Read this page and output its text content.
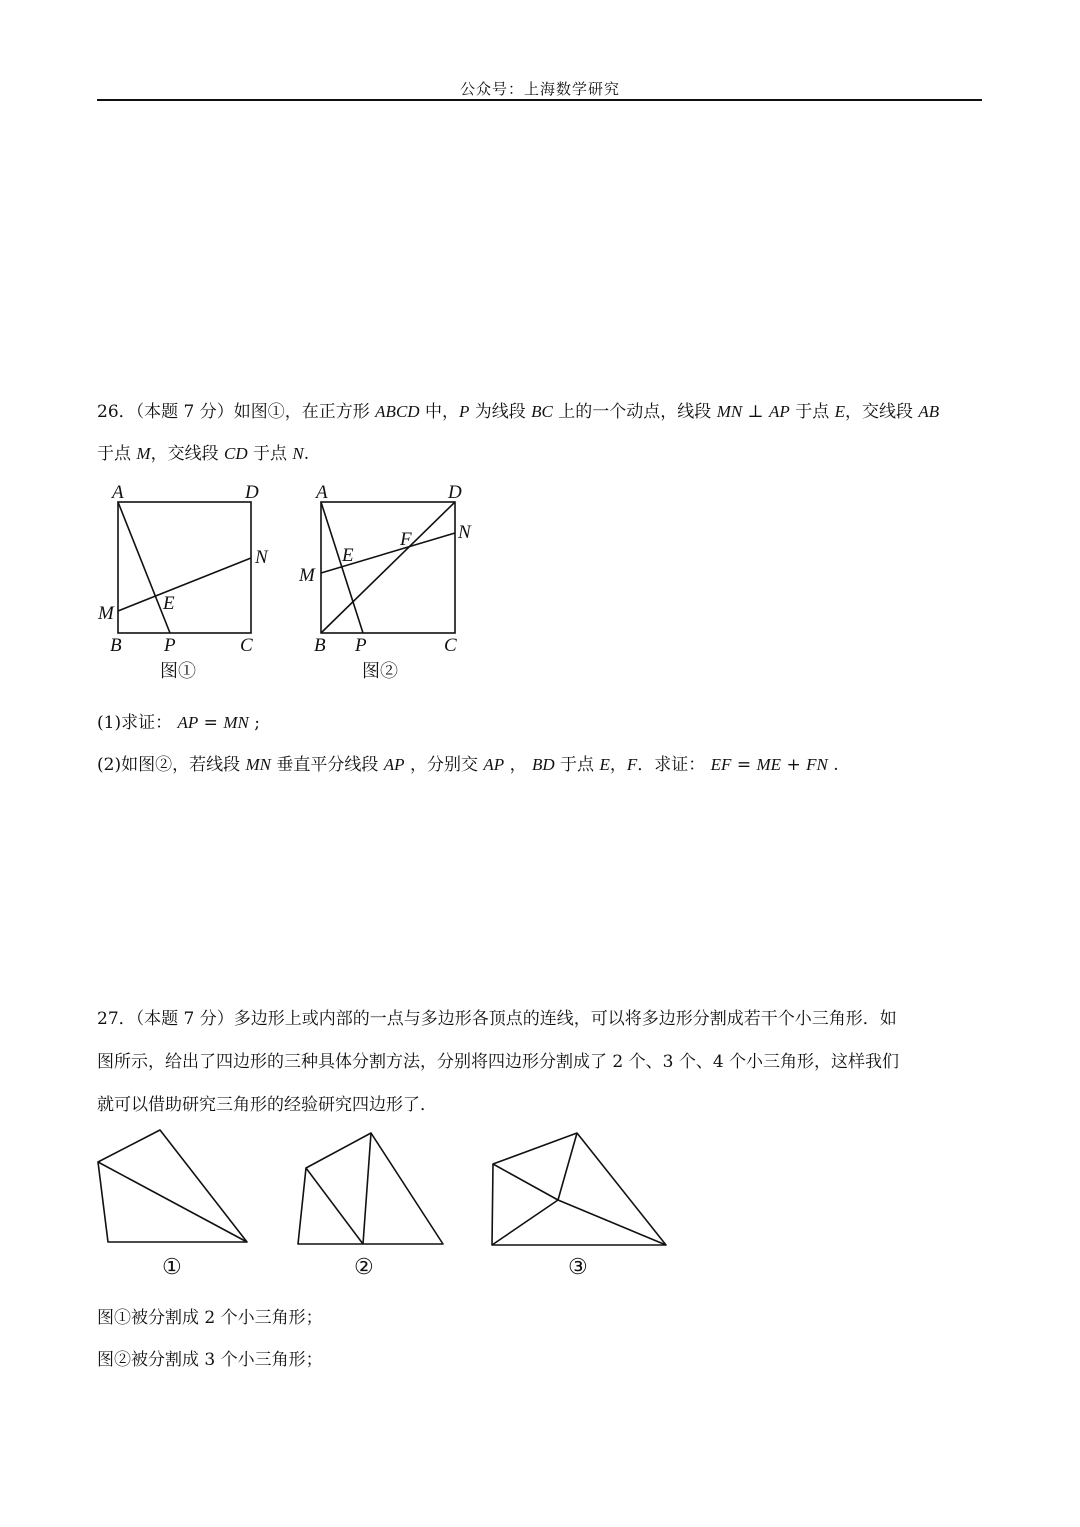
公众号：上海数学研究
26．（本题 7 分）如图①，在正方形 ABCD 中，P 为线段 BC 上的一个动点，线段 MN ⊥ AP 于点 E，交线段 AB
于点 M，交线段 CD 于点 N.
A	D
N
M	E
B P	C
图①
A	D
N
F
E
M
B P	C
图②
(1)求证： AP = MN ;
(2)如图②，若线段 MN 垂直平分线段 AP ，分别交 AP ， BD 于点 E，F．求证： EF = ME + FN .
27．（本题 7 分）多边形上或内部的一点与多边形各顶点的连线，可以将多边形分割成若干个小三角形．如
图所示，给出了四边形的三种具体分割方法，分别将四边形分割成了 2 个、3 个、4 个小三角形，这样我们
就可以借助研究三角形的经验研究四边形了．
①	②	③
图①被分割成 2 个小三角形；
图②被分割成 3 个小三角形；
